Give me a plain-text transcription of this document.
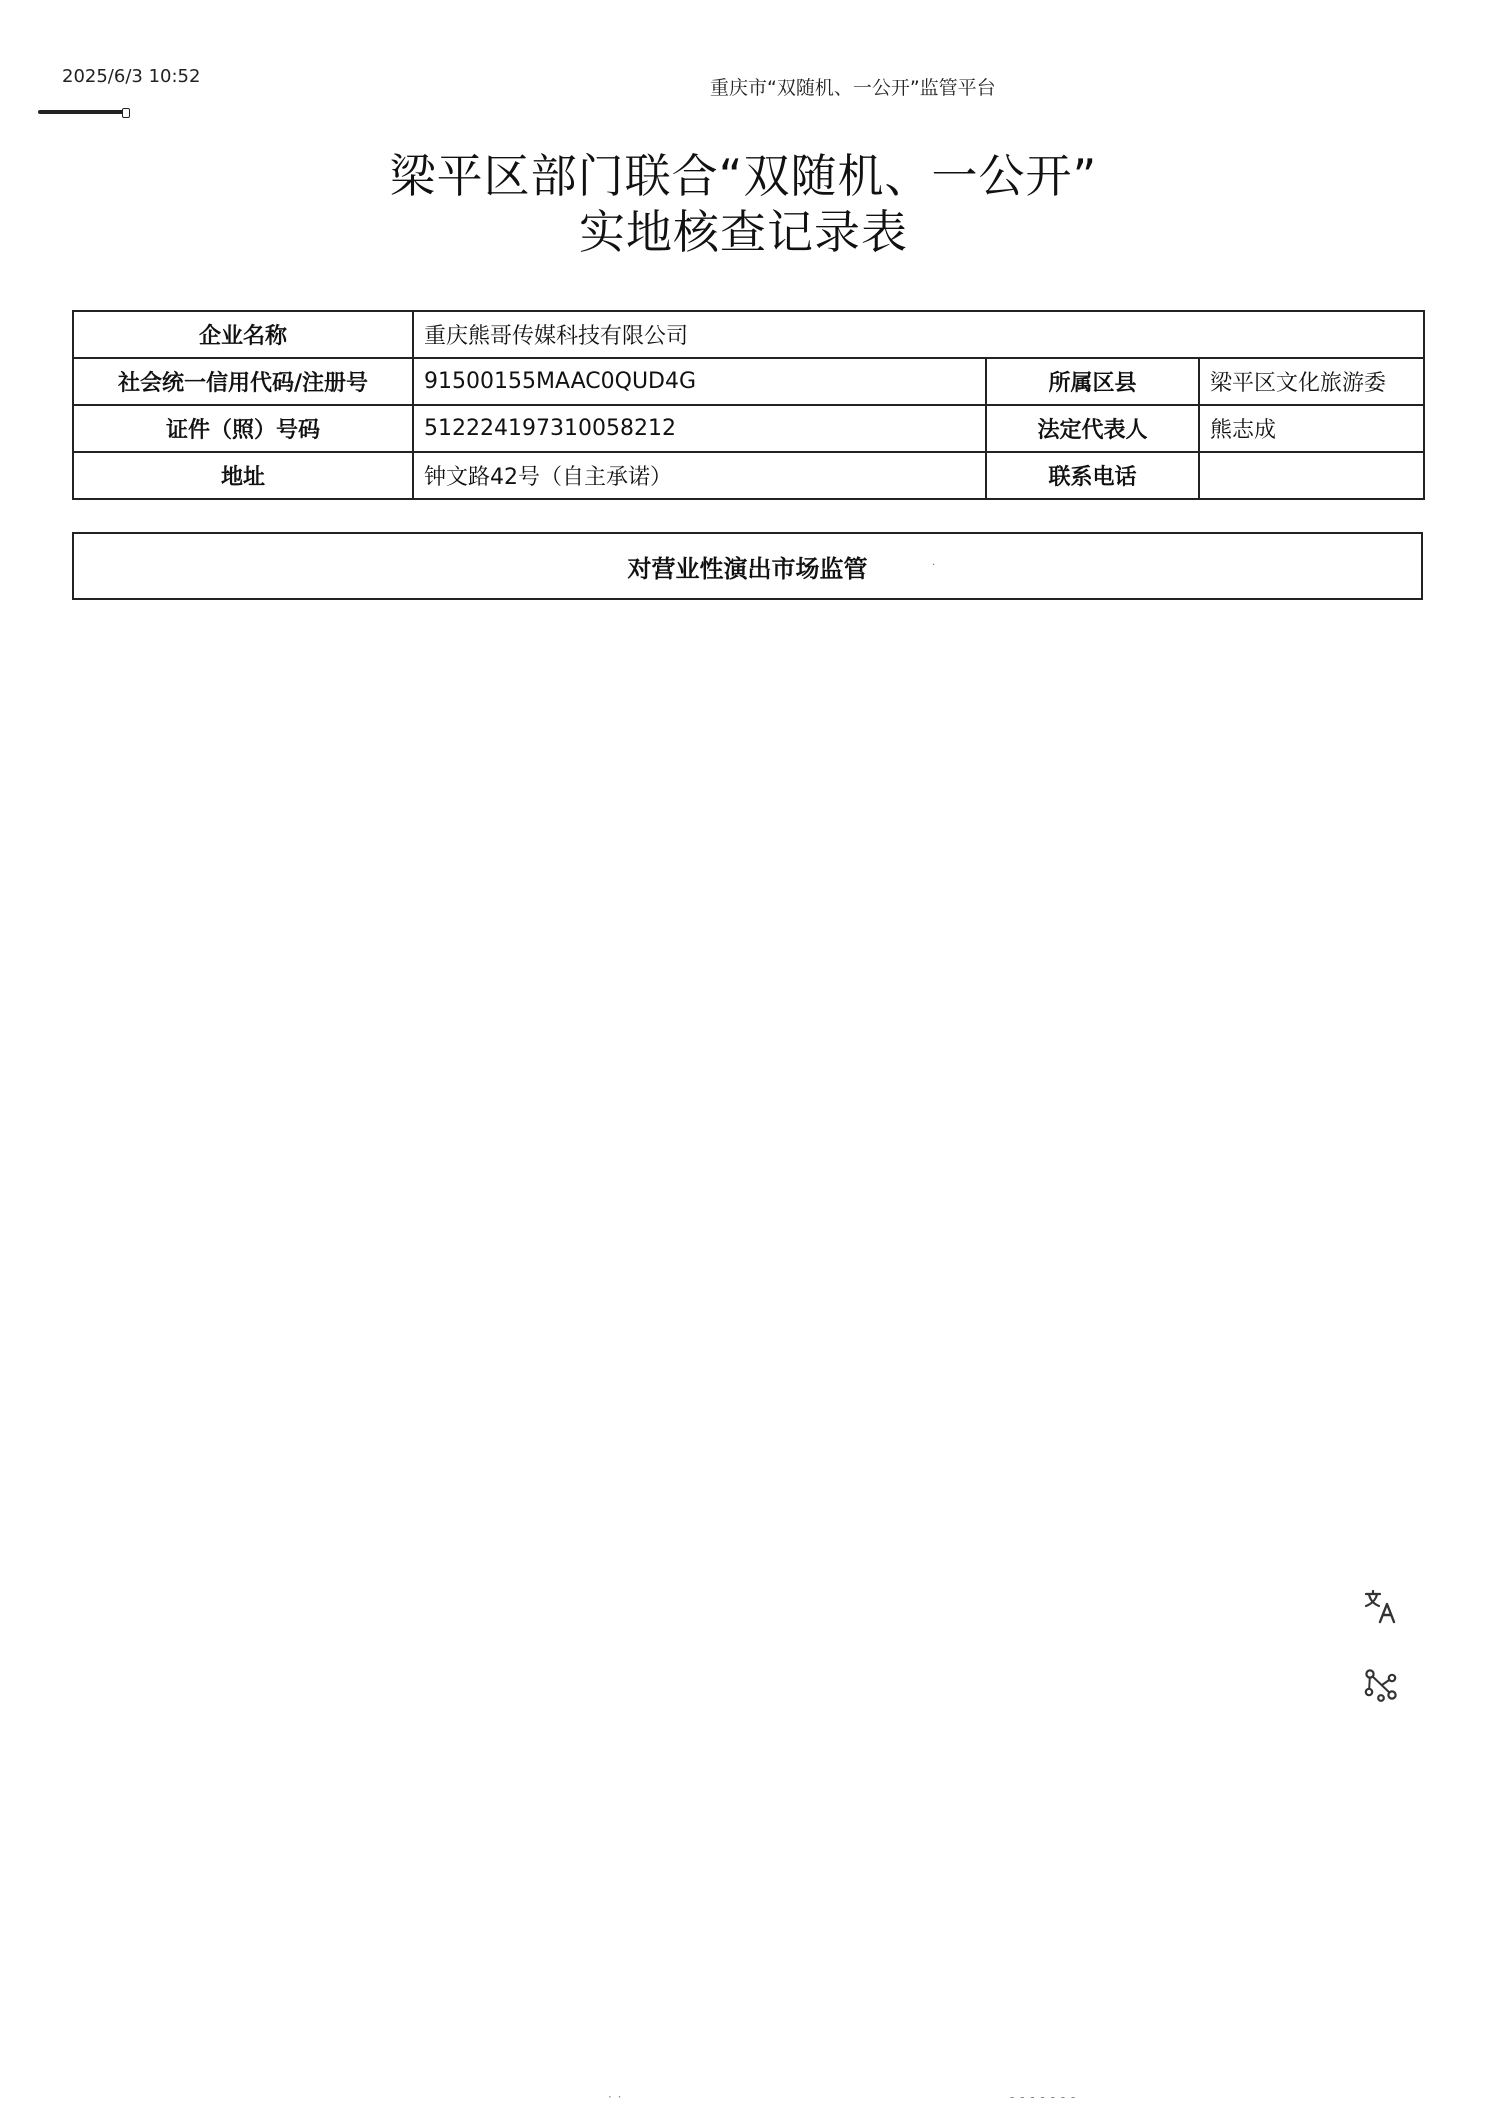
2025/6/3 10:52
重庆市“双随机、一公开”监管平台
梁平区部门联合“双随机、一公开”
实地核查记录表
企业名称	重庆熊哥传媒科技有限公司		
社会统一信用代码/注册号	91500155MAAC0QUD4G	所属区县	梁平区文化旅游委
证件（照）号码	512224197310058212	法定代表人	熊志成
地址	钟文路42号（自主承诺）	联系电话	
对营业性演出市场监管	·
· ·	- - - - - - -
